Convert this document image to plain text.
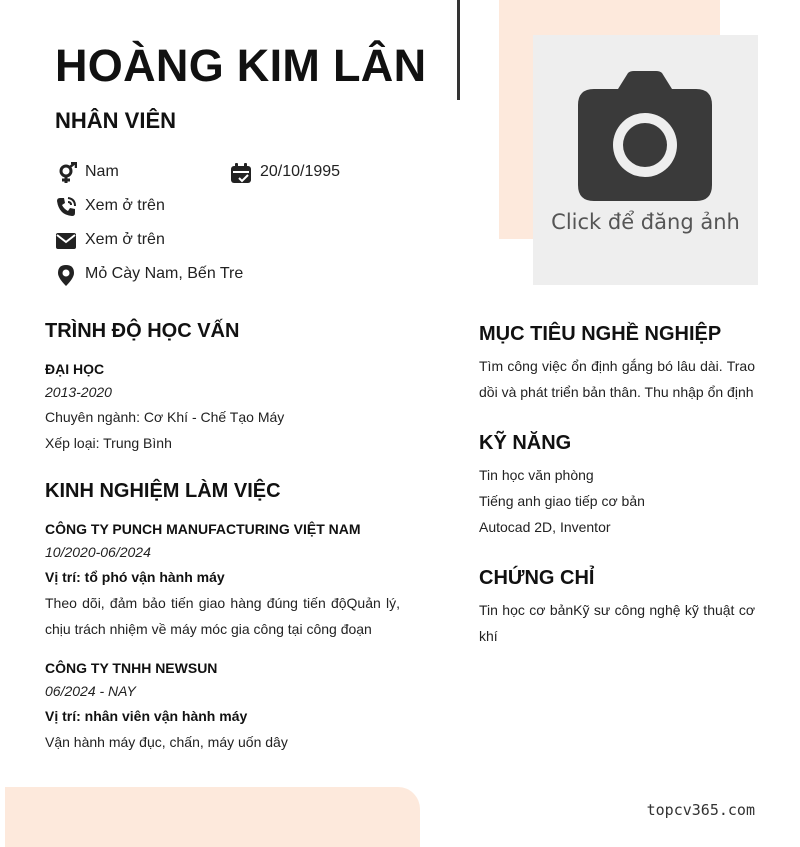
HOÀNG KIM LÂN
NHÂN VIÊN
Click để đăng ảnh
Nam	20/10/1995
Xem ở trên
Xem ở trên
Mỏ Cày Nam, Bến Tre
TRÌNH ĐỘ HỌC VẤN
ĐẠI HỌC
2013-2020
Chuyên ngành: Cơ Khí - Chế Tạo Máy
Xếp loại: Trung Bình
KINH NGHIỆM LÀM VIỆC
CÔNG TY PUNCH MANUFACTURING VIỆT NAM
10/2020-06/2024
Vị trí: tổ phó vận hành máy
Theo dõi, đảm bảo tiến giao hàng đúng tiến độQuản lý, chịu trách nhiệm về máy móc gia công tại công đoạn
CÔNG TY TNHH NEWSUN
06/2024 - NAY
Vị trí: nhân viên vận hành máy
Vận hành máy đục, chấn, máy uốn dây
MỤC TIÊU NGHỀ NGHIỆP
Tìm công việc ổn định gắng bó lâu dài. Trao dồi và phát triển bản thân. Thu nhập ổn định
KỸ NĂNG
Tin học văn phòng
Tiếng anh giao tiếp cơ bản
Autocad 2D, Inventor
CHỨNG CHỈ
Tin học cơ bảnKỹ sư công nghệ kỹ thuật cơ khí
topcv365.com
